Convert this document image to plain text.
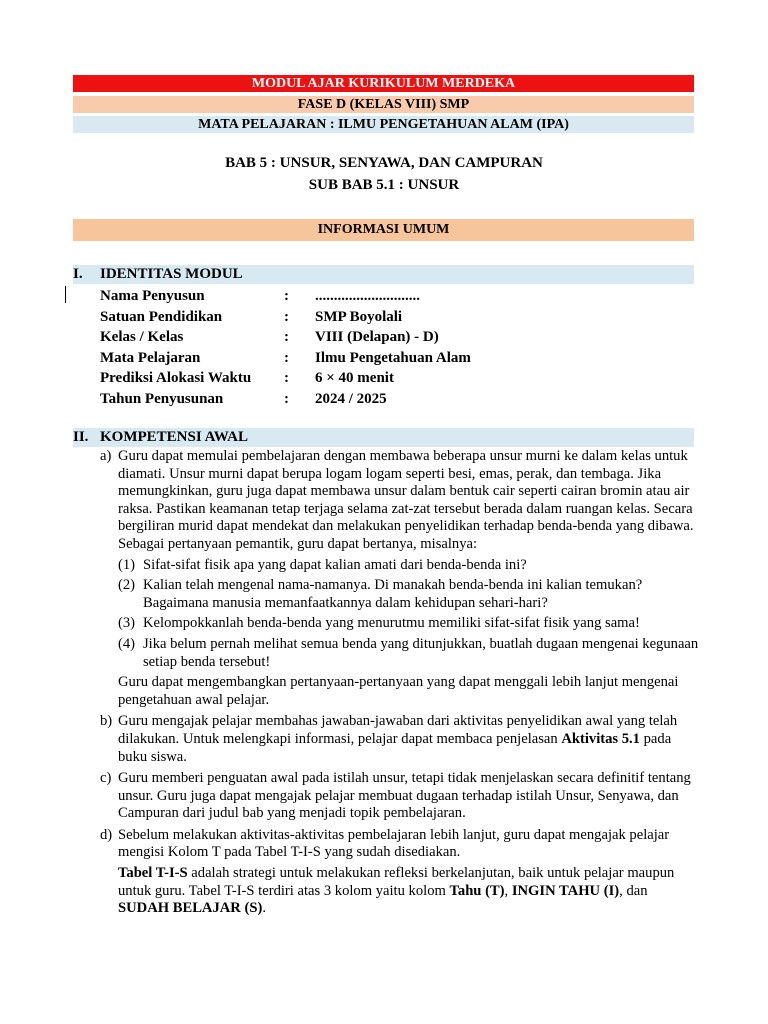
MODUL AJAR KURIKULUM MERDEKA
FASE D (KELAS VIII) SMP
MATA PELAJARAN : ILMU PENGETAHUAN ALAM (IPA)
BAB 5 : UNSUR, SENYAWA, DAN CAMPURAN
SUB BAB 5.1 : UNSUR
INFORMASI UMUM
I. IDENTITAS MODUL
Nama Penyusun	:	............................
Satuan Pendidikan	:	SMP Boyolali
Kelas / Kelas	:	VIII (Delapan) - D)
Mata Pelajaran	:	Ilmu Pengetahuan Alam
Prediksi Alokasi Waktu	:	6 × 40 menit
Tahun Penyusunan	:	2024 / 2025
II. KOMPETENSI AWAL
a) Guru dapat memulai pembelajaran dengan membawa beberapa unsur murni ke dalam kelas untuk diamati. Unsur murni dapat berupa logam logam seperti besi, emas, perak, dan tembaga. Jika memungkinkan, guru juga dapat membawa unsur dalam bentuk cair seperti cairan bromin atau air raksa. Pastikan keamanan tetap terjaga selama zat-zat tersebut berada dalam ruangan kelas. Secara bergiliran murid dapat mendekat dan melakukan penyelidikan terhadap benda-benda yang dibawa. Sebagai pertanyaan pemantik, guru dapat bertanya, misalnya:

(1) Sifat-sifat fisik apa yang dapat kalian amati dari benda-benda ini?
(2) Kalian telah mengenal nama-namanya. Di manakah benda-benda ini kalian temukan? Bagaimana manusia memanfaatkannya dalam kehidupan sehari-hari?
(3) Kelompokkanlah benda-benda yang menurutmu memiliki sifat-sifat fisik yang sama!
(4) Jika belum pernah melihat semua benda yang ditunjukkan, buatlah dugaan mengenai kegunaan setiap benda tersebut!

Guru dapat mengembangkan pertanyaan-pertanyaan yang dapat menggali lebih lanjut mengenai pengetahuan awal pelajar.

b) Guru mengajak pelajar membahas jawaban-jawaban dari aktivitas penyelidikan awal yang telah dilakukan. Untuk melengkapi informasi, pelajar dapat membaca penjelasan Aktivitas 5.1 pada buku siswa.

c) Guru memberi penguatan awal pada istilah unsur, tetapi tidak menjelaskan secara definitif tentang unsur. Guru juga dapat mengajak pelajar membuat dugaan terhadap istilah Unsur, Senyawa, dan Campuran dari judul bab yang menjadi topik pembelajaran.

d) Sebelum melakukan aktivitas-aktivitas pembelajaran lebih lanjut, guru dapat mengajak pelajar mengisi Kolom T pada Tabel T-I-S yang sudah disediakan.

Tabel T-I-S adalah strategi untuk melakukan refleksi berkelanjutan, baik untuk pelajar maupun untuk guru. Tabel T-I-S terdiri atas 3 kolom yaitu kolom Tahu (T), INGIN TAHU (I), dan SUDAH BELAJAR (S).
